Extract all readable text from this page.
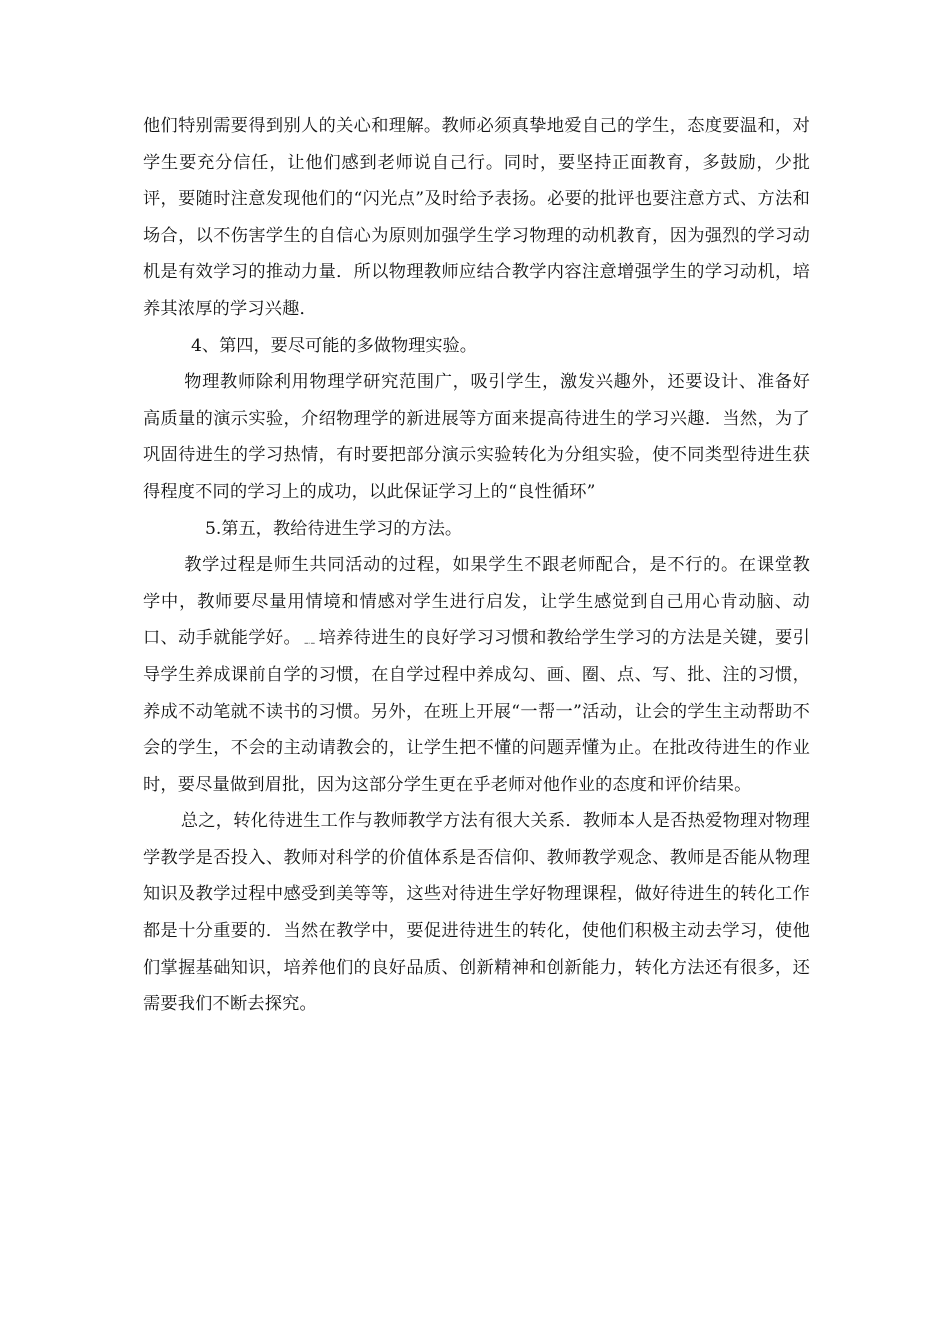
他们特别需要得到别人的关心和理解。教师必须真挚地爱自己的学生，态度要温和，对学生要充分信任，让他们感到老师说自己行。同时，要坚持正面教育，多鼓励，少批评，要随时注意发现他们的“闪光点”及时给予表扬。必要的批评也要注意方式、方法和场合，以不伤害学生的自信心为原则加强学生学习物理的动机教育，因为强烈的学习动机是有效学习的推动力量．所以物理教师应结合教学内容注意增强学生的学习动机，培养其浓厚的学习兴趣．

4、第四，要尽可能的多做物理实验。

物理教师除利用物理学研究范围广，吸引学生，激发兴趣外，还要设计、准备好高质量的演示实验，介绍物理学的新进展等方面来提高待进生的学习兴趣．当然，为了巩固待进生的学习热情，有时要把部分演示实验转化为分组实验，使不同类型待进生获得程度不同的学习上的成功，以此保证学习上的“良性循环”

5.第五，教给待进生学习的方法。

教学过程是师生共同活动的过程，如果学生不跟老师配合，是不行的。在课堂教学中，教师要尽量用情境和情感对学生进行启发，让学生感觉到自己用心肯动脑、动口、动手就能学好。﹎培养待进生的良好学习习惯和教给学生学习的方法是关键，要引导学生养成课前自学的习惯，在自学过程中养成勾、画、圈、点、写、批、注的习惯，养成不动笔就不读书的习惯。另外，在班上开展“一帮一”活动，让会的学生主动帮助不会的学生，不会的主动请教会的，让学生把不懂的问题弄懂为止。在批改待进生的作业时，要尽量做到眉批，因为这部分学生更在乎老师对他作业的态度和评价结果。

总之，转化待进生工作与教师教学方法有很大关系．教师本人是否热爱物理对物理学教学是否投入、教师对科学的价值体系是否信仰、教师教学观念、教师是否能从物理知识及教学过程中感受到美等等，这些对待进生学好物理课程，做好待进生的转化工作都是十分重要的．当然在教学中，要促进待进生的转化，使他们积极主动去学习，使他们掌握基础知识，培养他们的良好品质、创新精神和创新能力，转化方法还有很多，还需要我们不断去探究。
